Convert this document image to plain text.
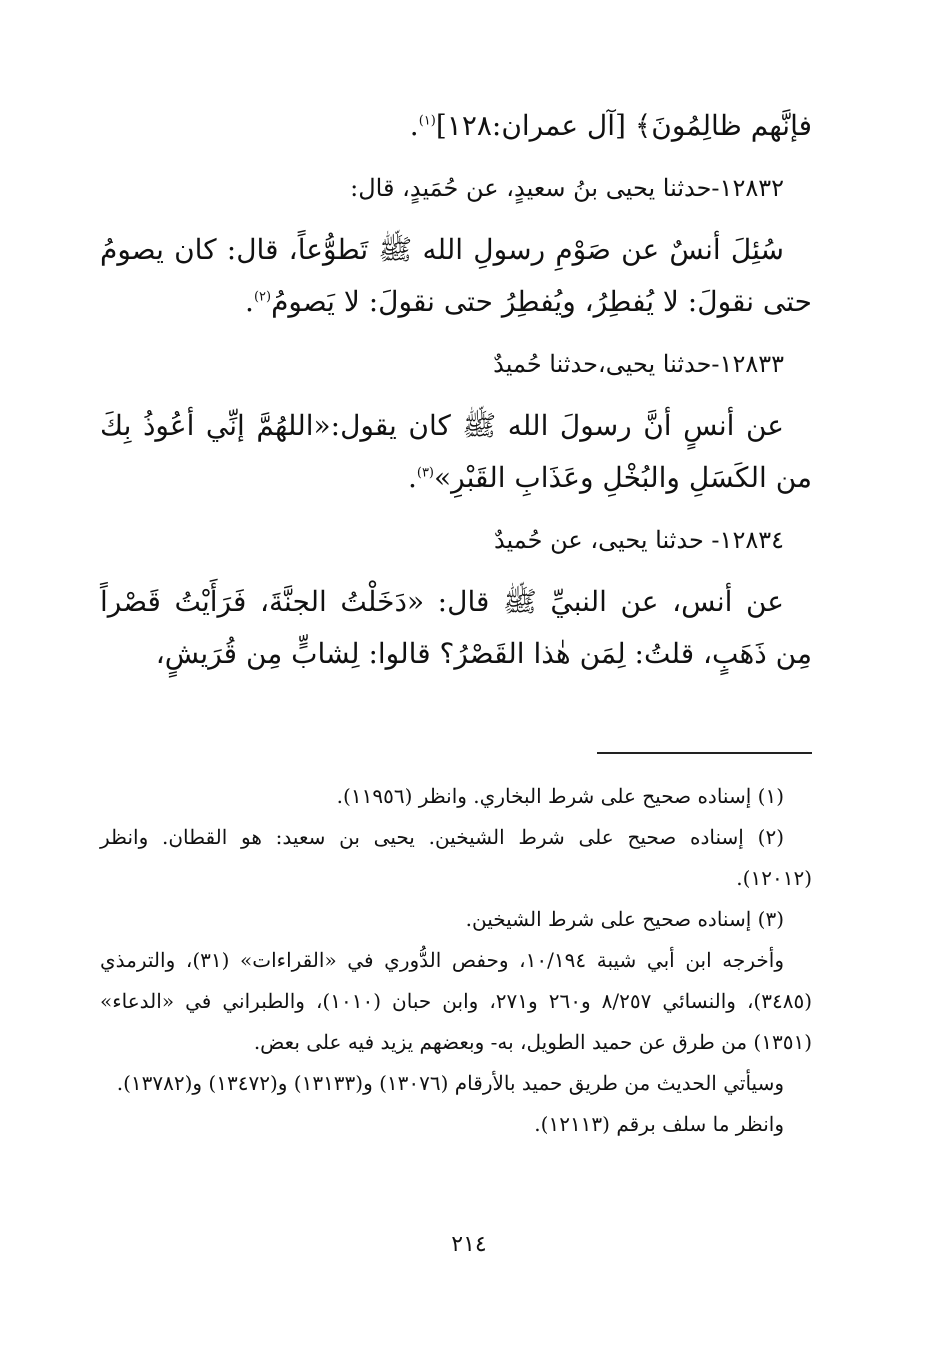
فإنَّهم ظالِمُونَ﴾ [آل عمران:١٢٨]$^{(١)}$.

١٢٨٣٢-حدثنا يحيى بنُ سعيدٍ، عن حُمَيدٍ، قال:

سُئِلَ أنسٌ عن صَوْمِ رسولِ الله ﷺ تَطوُّعاً، قال: كان يصومُ حتى نقولَ: لا يُفطِرُ، ويُفطِرُ حتى نقولَ: لا يَصومُ$^{(٢)}$.

١٢٨٣٣-حدثنا يحيى،حدثنا حُميدٌ

عن أنسٍ أنَّ رسولَ الله ﷺ كان يقول:«اللهُمَّ إنِّي أعُوذُ بِكَ من الكَسَلِ والبُخْلِ وعَذَابِ القَبْرِ»$^{(٣)}$.

١٢٨٣٤- حدثنا يحيى، عن حُميدٌ

عن أنس، عن النبيِّ ﷺ قال: «دَخَلْتُ الجنَّةَ، فَرَأَيْتُ قَصْراً مِن ذَهَبٍ، قلتُ: لِمَن هٰذا القَصْرُ؟ قالوا: لِشابٍّ مِن قُرَيشٍ،

(١) إسناده صحيح على شرط البخاري. وانظر (١١٩٥٦).

(٢) إسناده صحيح على شرط الشيخين. يحيى بن سعيد: هو القطان. وانظر (١٢٠١٢).

(٣) إسناده صحيح على شرط الشيخين.

وأخرجه ابن أبي شيبة ١٠/١٩٤، وحفص الدُّوري في «القراءات» (٣١)، والترمذي (٣٤٨٥)، والنسائي ٨/٢٥٧ و٢٦٠ و٢٧١، وابن حبان (١٠١٠)، والطبراني في «الدعاء» (١٣٥١) من طرق عن حميد الطويل، به- وبعضهم يزيد فيه على بعض.

وسيأتي الحديث من طريق حميد بالأرقام (١٣٠٧٦) و(١٣١٣٣) و(١٣٤٧٢) و(١٣٧٨٢).

وانظر ما سلف برقم (١٢١١٣).

٢١٤
